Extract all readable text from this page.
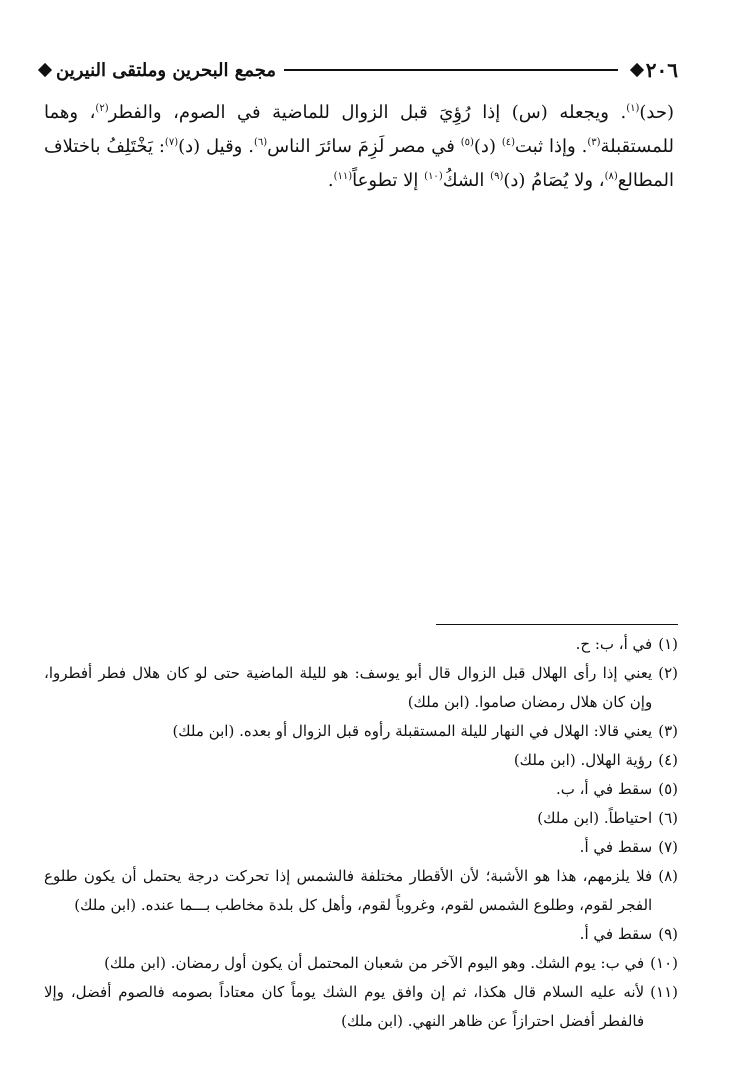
٢٠٦
مجمع البحرين وملتقى النيرين

(حد)$^{(١)}$. ويجعله (س) إذا رُؤِيَ قبل الزوال للماضية في الصوم، والفطر$^{(٢)}$، وهما للمستقبلة$^{(٣)}$. وإذا ثبت$^{(٤)}$ (د)$^{(٥)}$ في مصر لَزِمَ سائرَ الناس$^{(٦)}$. وقيل (د)$^{(٧)}$: يَخْتَلِفُ باختلاف المطالع$^{(٨)}$، ولا يُصَامُ (د)$^{(٩)}$ الشكُ$^{(١٠)}$ إلا تطوعاً$^{(١١)}$.

(١)
في أ، ب: ح.
(٢)
يعني إذا رأى الهلال قبل الزوال قال أبو يوسف: هو لليلة الماضية حتى لو كان هلال فطر أفطروا، وإن كان هلال رمضان صاموا. (ابن ملك)
(٣)
يعني قالا: الهلال في النهار لليلة المستقبلة رأوه قبل الزوال أو بعده. (ابن ملك)
(٤)
رؤية الهلال. (ابن ملك)
(٥)
سقط في أ، ب.
(٦)
احتياطاً. (ابن ملك)
(٧)
سقط في أ.
(٨)
فلا يلزمهم، هذا هو الأشبة؛ لأن الأقطار مختلفة فالشمس إذا تحركت درجة يحتمل أن يكون طلوع الفجر لقوم، وطلوع الشمس لقوم، وغروباً لقوم، وأهل كل بلدة مخاطب بـــما عنده. (ابن ملك)
(٩)
سقط في أ.
(١٠)
في ب: يوم الشك. وهو اليوم الآخر من شعبان المحتمل أن يكون أول رمضان. (ابن ملك)
(١١)
لأنه عليه السلام قال هكذا، ثم إن وافق يوم الشك يوماً كان معتاداً بصومه فالصوم أفضل، وإلا فالفطر أفضل احترازاً عن ظاهر النهي. (ابن ملك)
